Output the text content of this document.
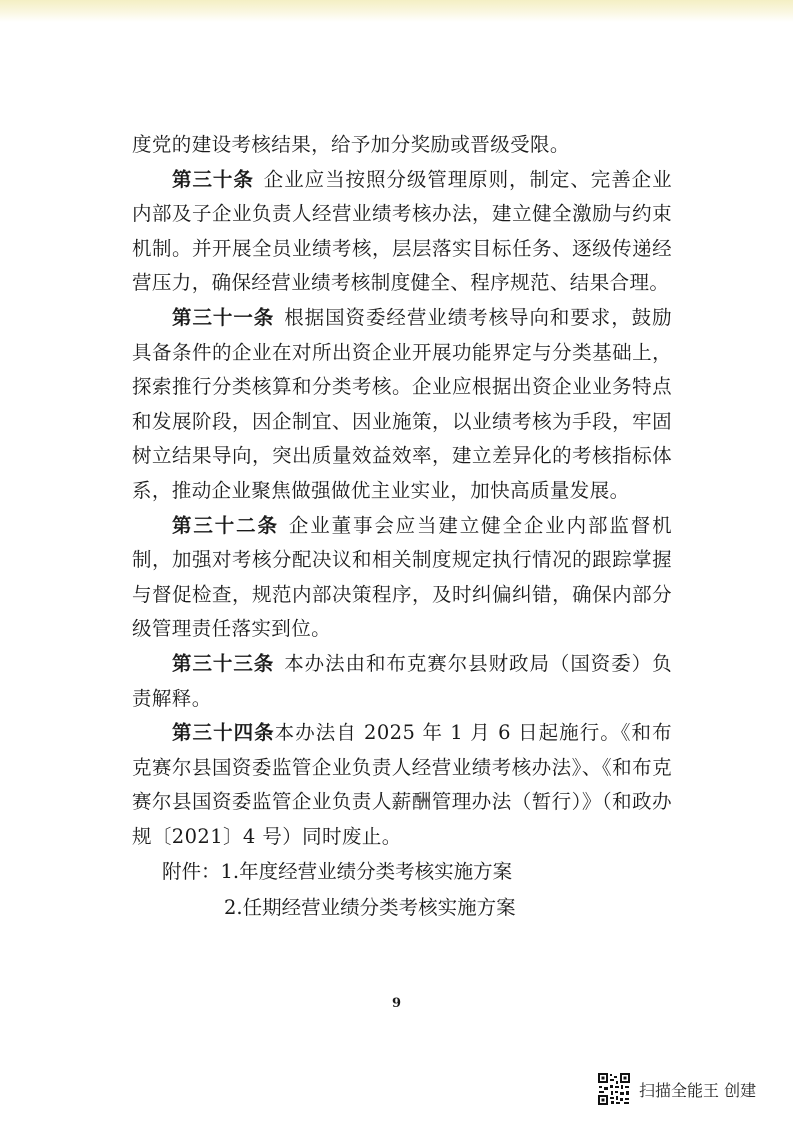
度党的建设考核结果，给予加分奖励或晋级受限。

第三十条 企业应当按照分级管理原则，制定、完善企业内部及子企业负责人经营业绩考核办法，建立健全激励与约束机制。并开展全员业绩考核，层层落实目标任务、逐级传递经营压力，确保经营业绩考核制度健全、程序规范、结果合理。

第三十一条 根据国资委经营业绩考核导向和要求，鼓励具备条件的企业在对所出资企业开展功能界定与分类基础上，探索推行分类核算和分类考核。企业应根据出资企业业务特点和发展阶段，因企制宜、因业施策，以业绩考核为手段，牢固树立结果导向，突出质量效益效率，建立差异化的考核指标体系，推动企业聚焦做强做优主业实业，加快高质量发展。

第三十二条 企业董事会应当建立健全企业内部监督机制，加强对考核分配决议和相关制度规定执行情况的跟踪掌握与督促检查，规范内部决策程序，及时纠偏纠错，确保内部分级管理责任落实到位。

第三十三条 本办法由和布克赛尔县财政局（国资委）负责解释。

第三十四条本办法自 2025 年 1 月 6 日起施行。《和布克赛尔县国资委监管企业负责人经营业绩考核办法》、《和布克赛尔县国资委监管企业负责人薪酬管理办法（暂行）》（和政办规〔2021〕4 号）同时废止。

附件：1.年度经营业绩分类考核实施方案

2.任期经营业绩分类考核实施方案

9
扫描全能王 创建
